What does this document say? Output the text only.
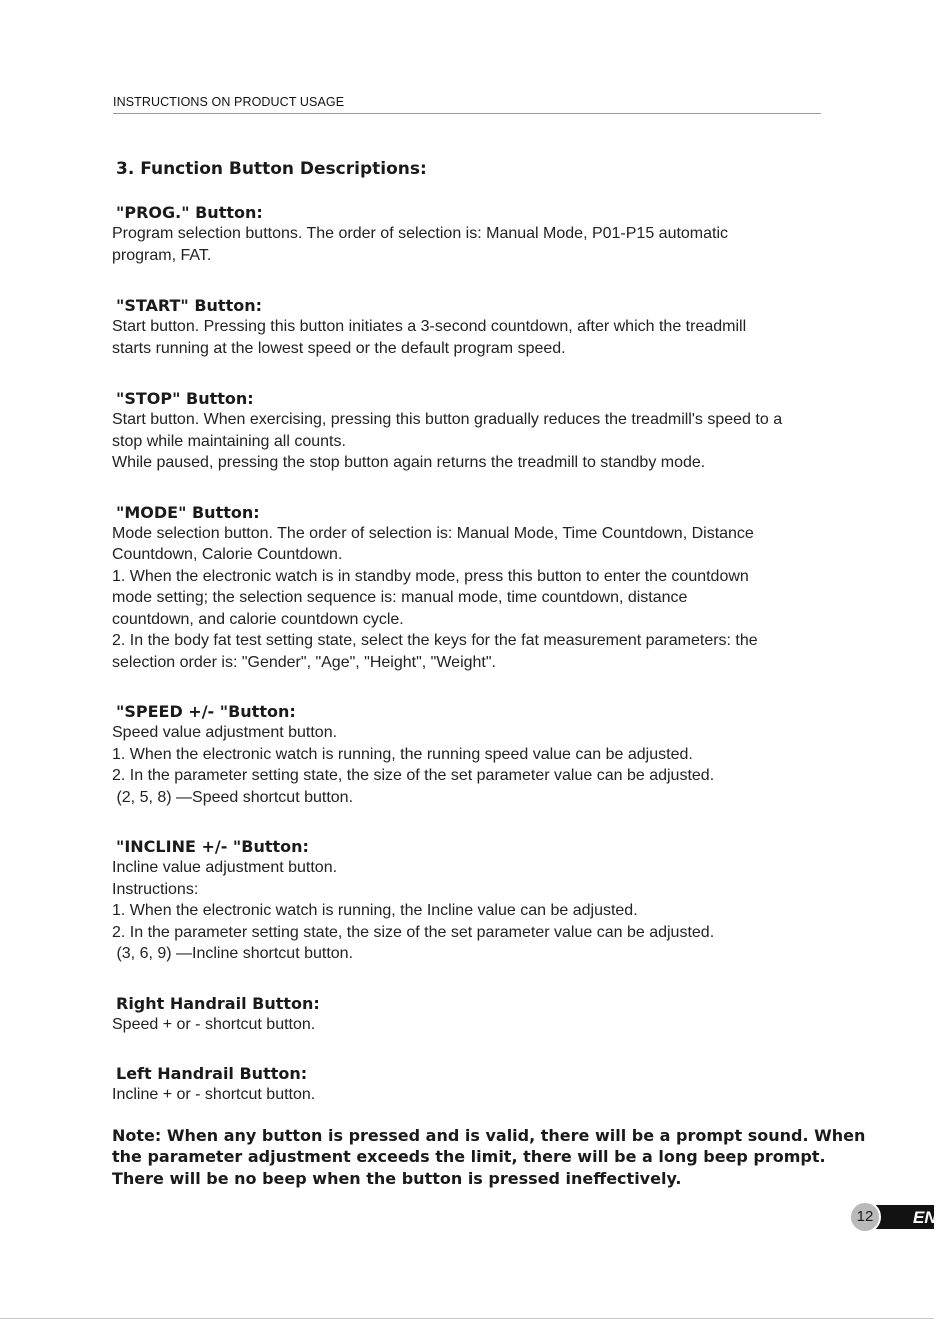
INSTRUCTIONS ON PRODUCT USAGE
3. Function Button Descriptions:
"PROG." Button:
Program selection buttons. The order of selection is: Manual Mode, P01-P15 automatic
program, FAT.
"START" Button:
Start button. Pressing this button initiates a 3-second countdown, after which the treadmill
starts running at the lowest speed or the default program speed.
"STOP" Button:
Start button. When exercising, pressing this button gradually reduces the treadmill's speed to a
stop while maintaining all counts.
While paused, pressing the stop button again returns the treadmill to standby mode.
"MODE" Button:
Mode selection button. The order of selection is: Manual Mode, Time Countdown, Distance
Countdown, Calorie Countdown.
1. When the electronic watch is in standby mode, press this button to enter the countdown
mode setting; the selection sequence is: manual mode, time countdown, distance
countdown, and calorie countdown cycle.
2. In the body fat test setting state, select the keys for the fat measurement parameters: the
selection order is: "Gender", "Age", "Height", "Weight".
"SPEED +/- "Button:
Speed value adjustment button.
1. When the electronic watch is running, the running speed value can be adjusted.
2. In the parameter setting state, the size of the set parameter value can be adjusted.
(2, 5, 8) —Speed shortcut button.
"INCLINE +/- "Button:
Incline value adjustment button.
Instructions:
1. When the electronic watch is running, the Incline value can be adjusted.
2. In the parameter setting state, the size of the set parameter value can be adjusted.
(3, 6, 9) —Incline shortcut button.
Right Handrail Button:
Speed + or - shortcut button.
Left Handrail Button:
Incline + or - shortcut button.
Note: When any button is pressed and is valid, there will be a prompt sound. When
the parameter adjustment exceeds the limit, there will be a long beep prompt.
There will be no beep when the button is pressed ineffectively.
EN
12
